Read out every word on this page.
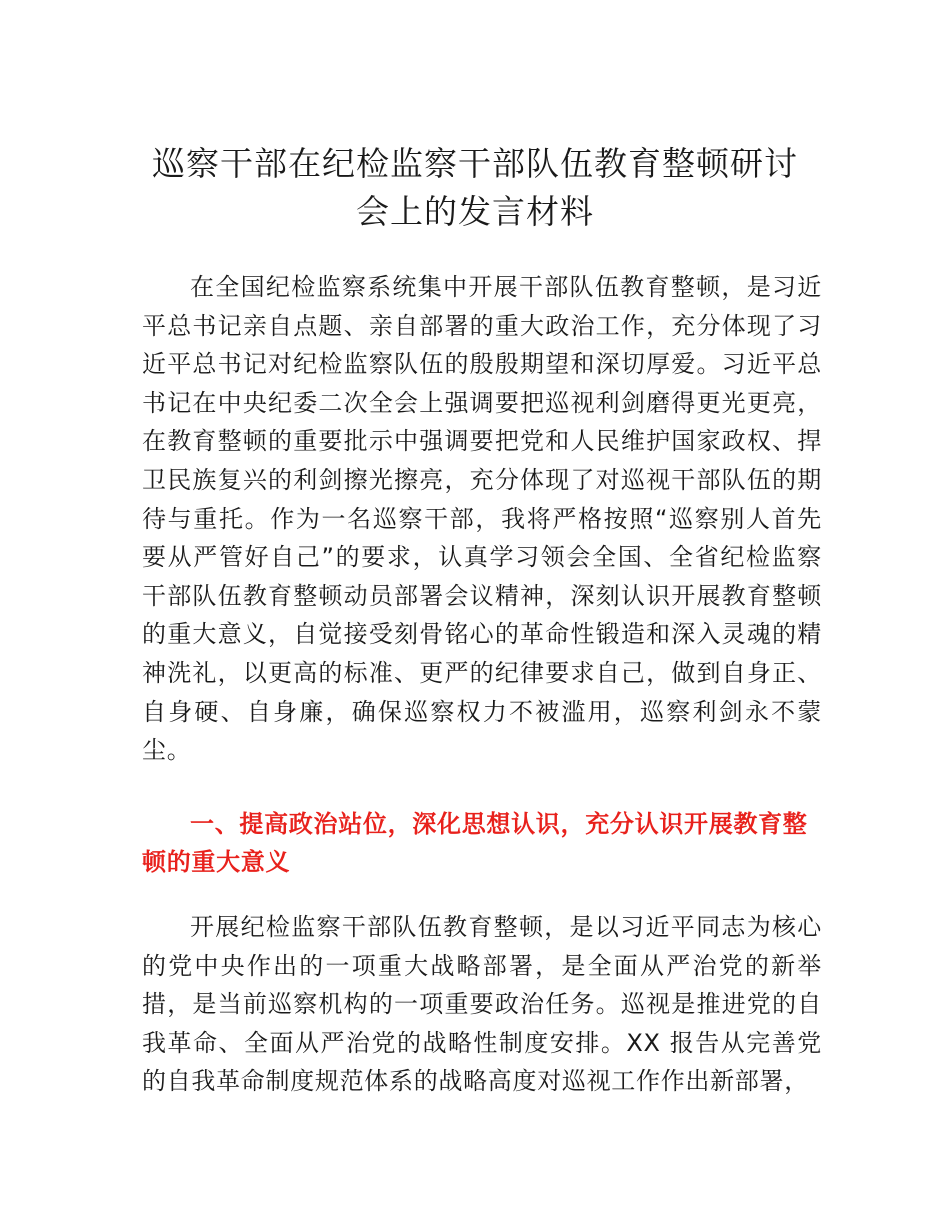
巡察干部在纪检监察干部队伍教育整顿研讨
会上的发言材料

在全国纪检监察系统集中开展干部队伍教育整顿，是习近平总书记亲自点题、亲自部署的重大政治工作，充分体现了习近平总书记对纪检监察队伍的殷殷期望和深切厚爱。习近平总书记在中央纪委二次全会上强调要把巡视利剑磨得更光更亮，在教育整顿的重要批示中强调要把党和人民维护国家政权、捍卫民族复兴的利剑擦光擦亮，充分体现了对巡视干部队伍的期待与重托。作为一名巡察干部，我将严格按照“巡察别人首先要从严管好自己”的要求，认真学习领会全国、全省纪检监察干部队伍教育整顿动员部署会议精神，深刻认识开展教育整顿的重大意义，自觉接受刻骨铭心的革命性锻造和深入灵魂的精神洗礼，以更高的标准、更严的纪律要求自己，做到自身正、自身硬、自身廉，确保巡察权力不被滥用，巡察利剑永不蒙尘。

一、提高政治站位，深化思想认识，充分认识开展教育整顿的重大意义

开展纪检监察干部队伍教育整顿，是以习近平同志为核心的党中央作出的一项重大战略部署，是全面从严治党的新举措，是当前巡察机构的一项重要政治任务。巡视是推进党的自我革命、全面从严治党的战略性制度安排。XX 报告从完善党的自我革命制度规范体系的战略高度对巡视工作作出新部署，
